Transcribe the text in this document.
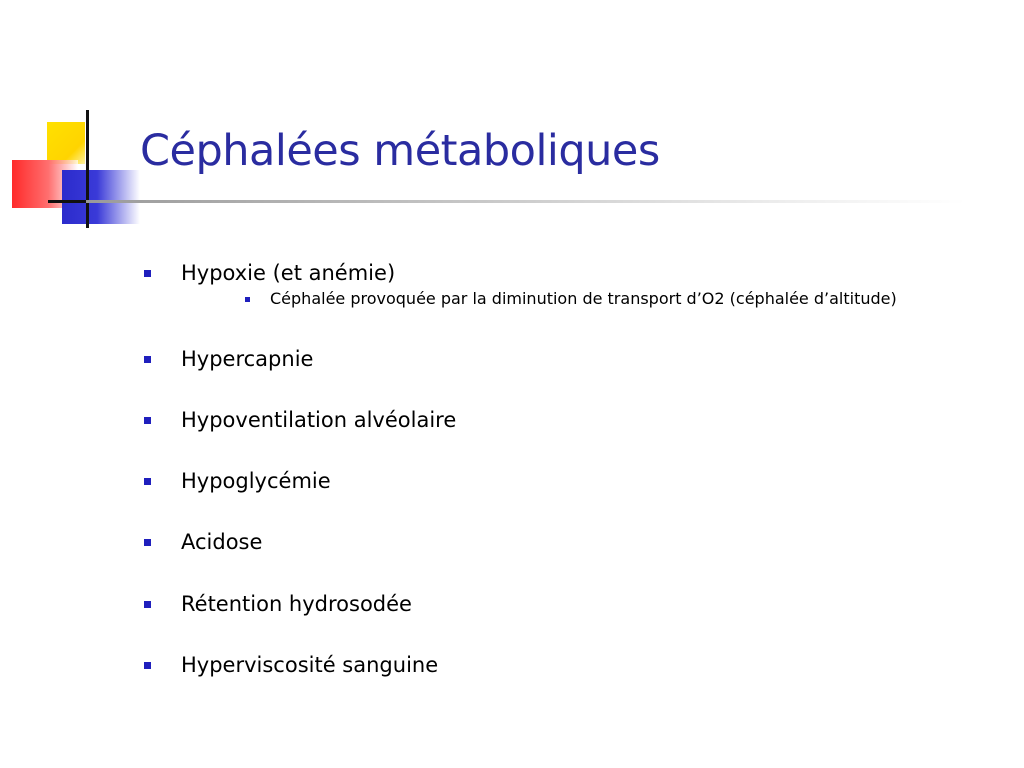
Céphalées métaboliques
Hypoxie (et anémie)
Céphalée provoquée par la diminution de transport d’O2 (céphalée d’altitude)
Hypercapnie
Hypoventilation alvéolaire
Hypoglycémie
Acidose
Rétention hydrosodée
Hyperviscosité sanguine
